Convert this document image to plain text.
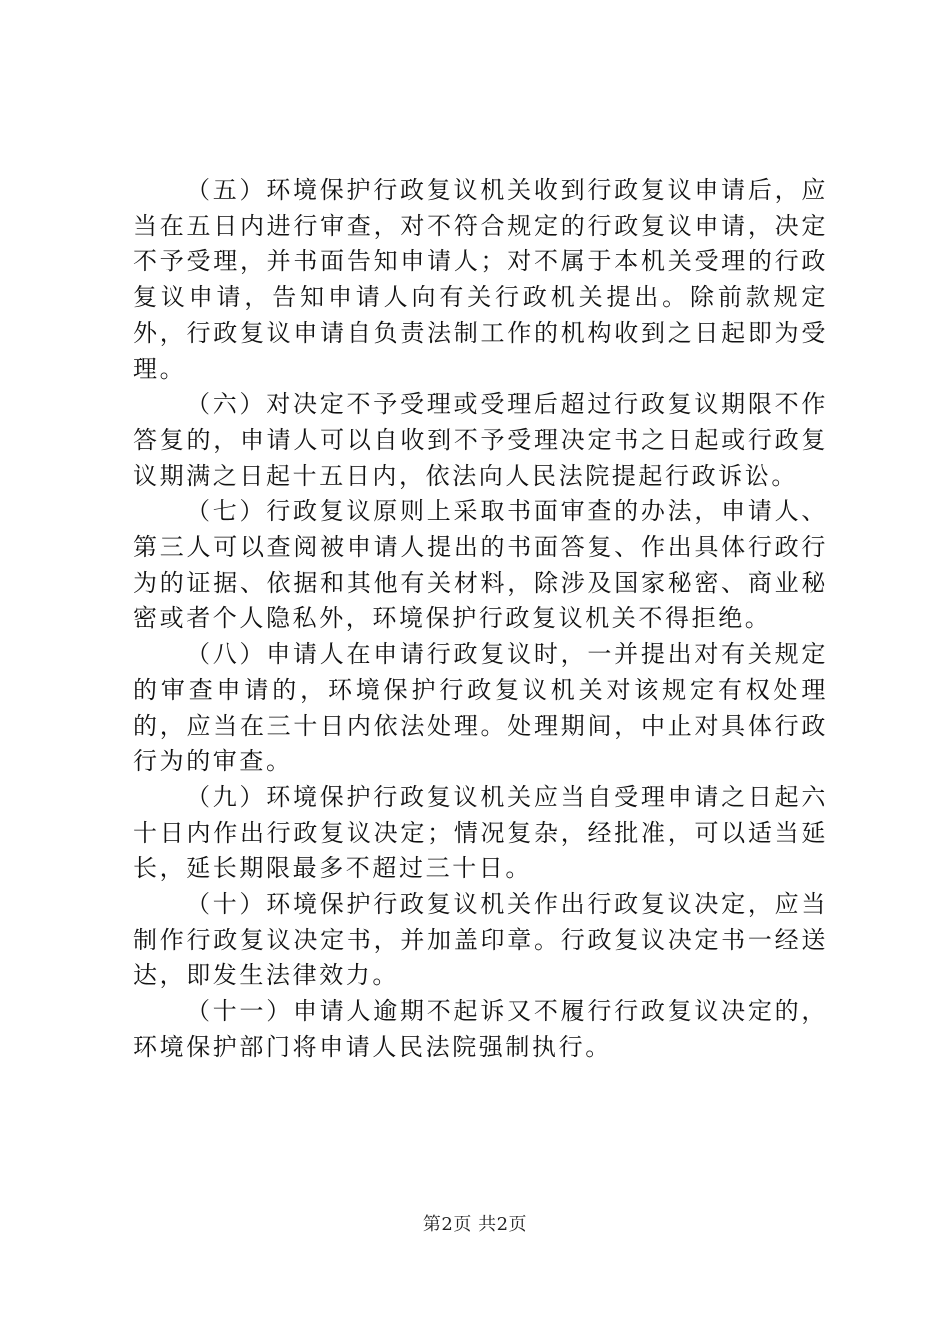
（五）环境保护行政复议机关收到行政复议申请后，应当在五日内进行审查，对不符合规定的行政复议申请，决定不予受理，并书面告知申请人；对不属于本机关受理的行政复议申请，告知申请人向有关行政机关提出。除前款规定外，行政复议申请自负责法制工作的机构收到之日起即为受理。

（六）对决定不予受理或受理后超过行政复议期限不作答复的，申请人可以自收到不予受理决定书之日起或行政复议期满之日起十五日内，依法向人民法院提起行政诉讼。

（七）行政复议原则上采取书面审查的办法，申请人、第三人可以查阅被申请人提出的书面答复、作出具体行政行为的证据、依据和其他有关材料，除涉及国家秘密、商业秘密或者个人隐私外，环境保护行政复议机关不得拒绝。

（八）申请人在申请行政复议时，一并提出对有关规定的审查申请的，环境保护行政复议机关对该规定有权处理的，应当在三十日内依法处理。处理期间，中止对具体行政行为的审查。

（九）环境保护行政复议机关应当自受理申请之日起六十日内作出行政复议决定；情况复杂，经批准，可以适当延长，延长期限最多不超过三十日。

（十）环境保护行政复议机关作出行政复议决定，应当制作行政复议决定书，并加盖印章。行政复议决定书一经送达，即发生法律效力。

（十一）申请人逾期不起诉又不履行行政复议决定的，环境保护部门将申请人民法院强制执行。

第2页 共2页
